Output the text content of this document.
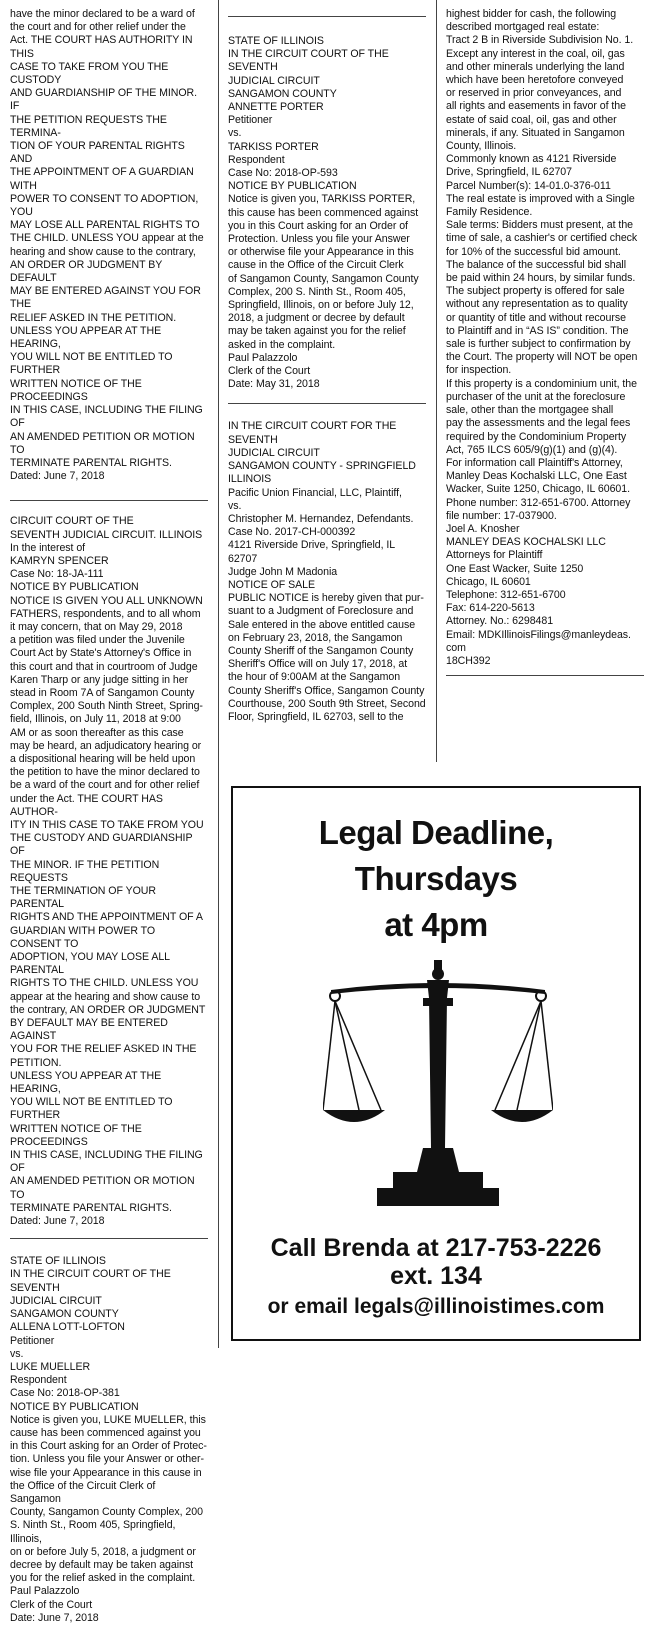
have the minor declared to be a ward of

the court and for other relief under the

Act. THE COURT HAS AUTHORITY IN THIS

CASE TO TAKE FROM YOU THE CUSTODY

AND GUARDIANSHIP OF THE MINOR. IF

THE PETITION REQUESTS THE TERMINA-

TION OF YOUR PARENTAL RIGHTS AND

THE APPOINTMENT OF A GUARDIAN WITH

POWER TO CONSENT TO ADOPTION, YOU

MAY LOSE ALL PARENTAL RIGHTS TO

THE CHILD. UNLESS YOU appear at the

hearing and show cause to the contrary,

AN ORDER OR JUDGMENT BY DEFAULT

MAY BE ENTERED AGAINST YOU FOR THE

RELIEF ASKED IN THE PETITION.

UNLESS YOU APPEAR AT THE HEARING,

YOU WILL NOT BE ENTITLED TO FURTHER

WRITTEN NOTICE OF THE PROCEEDINGS

IN THIS CASE, INCLUDING THE FILING OF

AN AMENDED PETITION OR MOTION TO

TERMINATE PARENTAL RIGHTS.

Dated: June 7, 2018

CIRCUIT COURT OF THE

SEVENTH JUDICIAL CIRCUIT. ILLINOIS

In the interest of

KAMRYN SPENCER

Case No: 18-JA-111

NOTICE BY PUBLICATION

NOTICE IS GIVEN YOU ALL UNKNOWN

FATHERS, respondents, and to all whom

it may concern, that on May 29, 2018

a petition was filed under the Juvenile

Court Act by State's Attorney's Office in

this court and that in courtroom of Judge

Karen Tharp or any judge sitting in her

stead in Room 7A of Sangamon County

Complex, 200 South Ninth Street, Spring-

field, Illinois, on July 11, 2018 at 9:00

AM or as soon thereafter as this case

may be heard, an adjudicatory hearing or

a dispositional hearing will be held upon

the petition to have the minor declared to

be a ward of the court and for other relief

under the Act. THE COURT HAS AUTHOR-

ITY IN THIS CASE TO TAKE FROM YOU

THE CUSTODY AND GUARDIANSHIP OF

THE MINOR. IF THE PETITION REQUESTS

THE TERMINATION OF YOUR PARENTAL

RIGHTS AND THE APPOINTMENT OF A

GUARDIAN WITH POWER TO CONSENT TO

ADOPTION, YOU MAY LOSE ALL PARENTAL

RIGHTS TO THE CHILD. UNLESS YOU

appear at the hearing and show cause to

the contrary, AN ORDER OR JUDGMENT

BY DEFAULT MAY BE ENTERED AGAINST

YOU FOR THE RELIEF ASKED IN THE

PETITION.

UNLESS YOU APPEAR AT THE HEARING,

YOU WILL NOT BE ENTITLED TO FURTHER

WRITTEN NOTICE OF THE PROCEEDINGS

IN THIS CASE, INCLUDING THE FILING OF

AN AMENDED PETITION OR MOTION TO

TERMINATE PARENTAL RIGHTS.

Dated: June 7, 2018

STATE OF ILLINOIS

IN THE CIRCUIT COURT OF THE SEVENTH

JUDICIAL CIRCUIT

SANGAMON COUNTY

ALLENA LOTT-LOFTON

Petitioner

vs.

LUKE MUELLER

Respondent

Case No: 2018-OP-381

NOTICE BY PUBLICATION

Notice is given you, LUKE MUELLER, this

cause has been commenced against you

in this Court asking for an Order of Protec-

tion. Unless you file your Answer or other-

wise file your Appearance in this cause in

the Office of the Circuit Clerk of Sangamon

County, Sangamon County Complex, 200

S. Ninth St., Room 405, Springfield, Illinois,

on or before July 5, 2018, a judgment or

decree by default may be taken against

you for the relief asked in the complaint.

Paul Palazzolo

Clerk of the Court

Date: June 7, 2018

STATE OF ILLINOIS

IN THE CIRCUIT COURT OF THE SEVENTH

JUDICIAL CIRCUIT

SANGAMON COUNTY

ANNETTE PORTER

Petitioner

vs.

TARKISS PORTER

Respondent

Case No: 2018-OP-593

NOTICE BY PUBLICATION

Notice is given you, TARKISS PORTER,

this cause has been commenced against

you in this Court asking for an Order of

Protection. Unless you file your Answer

or otherwise file your Appearance in this

cause in the Office of the Circuit Clerk

of Sangamon County, Sangamon County

Complex, 200 S. Ninth St., Room 405,

Springfield, Illinois, on or before July 12,

2018, a judgment or decree by default

may be taken against you for the relief

asked in the complaint.

Paul Palazzolo

Clerk of the Court

Date: May 31, 2018

IN THE CIRCUIT COURT FOR THE SEVENTH

JUDICIAL CIRCUIT

SANGAMON COUNTY - SPRINGFIELD

ILLINOIS

Pacific Union Financial, LLC, Plaintiff,

vs.

Christopher M. Hernandez, Defendants.

Case No. 2017-CH-000392

4121 Riverside Drive, Springfield, IL

62707

Judge John M Madonia

NOTICE OF SALE

PUBLIC NOTICE is hereby given that pur-

suant to a Judgment of Foreclosure and

Sale entered in the above entitled cause

on February 23, 2018, the Sangamon

County Sheriff of the Sangamon County

Sheriff's Office will on July 17, 2018, at

the hour of 9:00AM at the Sangamon

County Sheriff's Office, Sangamon County

Courthouse, 200 South 9th Street, Second

Floor, Springfield, IL 62703, sell to the

highest bidder for cash, the following

described mortgaged real estate:

Tract 2 B in Riverside Subdivision No. 1.

Except any interest in the coal, oil, gas

and other minerals underlying the land

which have been heretofore conveyed

or reserved in prior conveyances, and

all rights and easements in favor of the

estate of said coal, oil, gas and other

minerals, if any. Situated in Sangamon

County, Illinois.

Commonly known as 4121 Riverside

Drive, Springfield, IL 62707

Parcel Number(s): 14-01.0-376-011

The real estate is improved with a Single

Family Residence.

Sale terms: Bidders must present, at the

time of sale, a cashier's or certified check

for 10% of the successful bid amount.

The balance of the successful bid shall

be paid within 24 hours, by similar funds.

The subject property is offered for sale

without any representation as to quality

or quantity of title and without recourse

to Plaintiff and in “AS IS” condition. The

sale is further subject to confirmation by

the Court. The property will NOT be open

for inspection.

If this property is a condominium unit, the

purchaser of the unit at the foreclosure

sale, other than the mortgagee shall

pay the assessments and the legal fees

required by the Condominium Property

Act, 765 ILCS 605/9(g)(1) and (g)(4).

For information call Plaintiff's Attorney,

Manley Deas Kochalski LLC, One East

Wacker, Suite 1250, Chicago, IL 60601.

Phone number: 312-651-6700. Attorney

file number: 17-037900.

Joel A. Knosher

MANLEY DEAS KOCHALSKI LLC

Attorneys for Plaintiff

One East Wacker, Suite 1250

Chicago, IL 60601

Telephone: 312-651-6700

Fax: 614-220-5613

Attorney. No.: 6298481

Email: MDKIllinoisFilings@manleydeas.

com

18CH392

Legal Deadline,
Thursdays
at 4pm
Call Brenda at 217-753-2226
ext. 134
or email legals@illinoistimes.com
